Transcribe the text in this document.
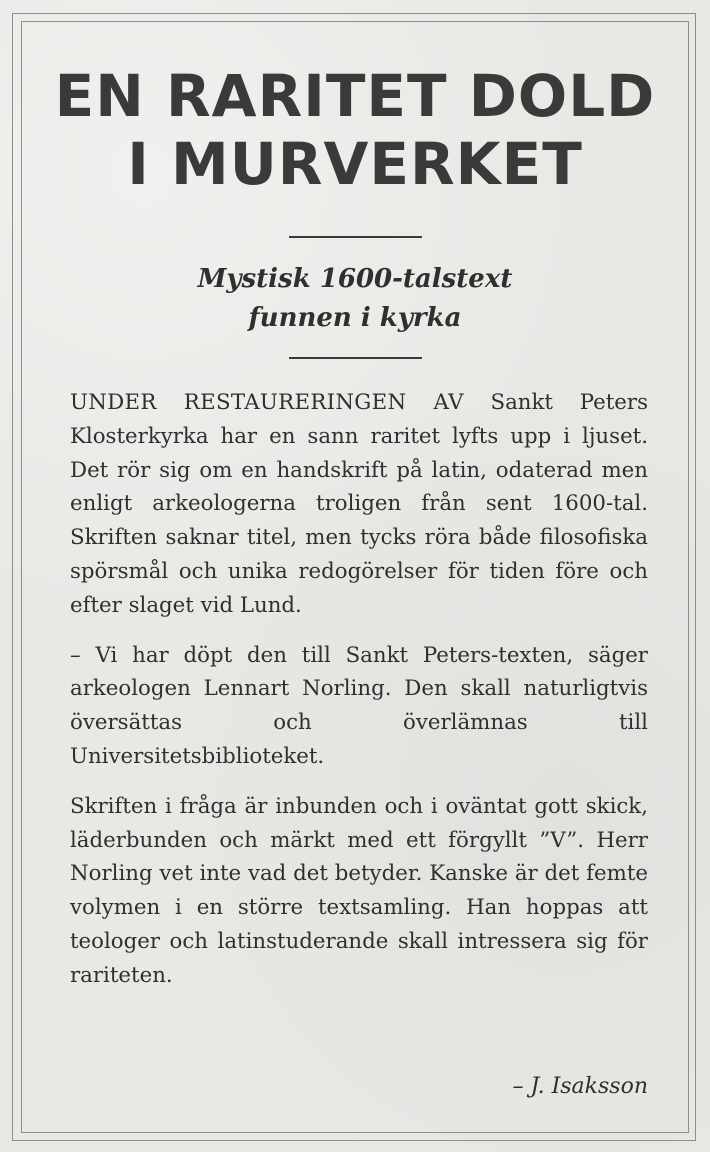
EN RARITET DOLD
I MURVERKET
Mystisk 1600-talstext
funnen i kyrka

UNDER RESTAURERINGEN AV Sankt Peters Klosterkyrka har en sann raritet lyfts upp i ljuset. Det rör sig om en handskrift på latin, odaterad men enligt arkeologerna troligen från sent 1600-tal. Skriften saknar titel, men tycks röra både filosofiska spörsmål och unika redogörelser för tiden före och efter slaget vid Lund.

– Vi har döpt den till Sankt Peters-texten, säger arkeologen Lennart Norling. Den skall naturligtvis översättas och överlämnas till Universitetsbiblioteket.

Skriften i fråga är inbunden och i oväntat gott skick, läderbunden och märkt med ett förgyllt ”V”. Herr Norling vet inte vad det betyder. Kanske är det femte volymen i en större textsamling. Han hoppas att teologer och latinstuderande skall intressera sig för rariteten.

– J. Isaksson
